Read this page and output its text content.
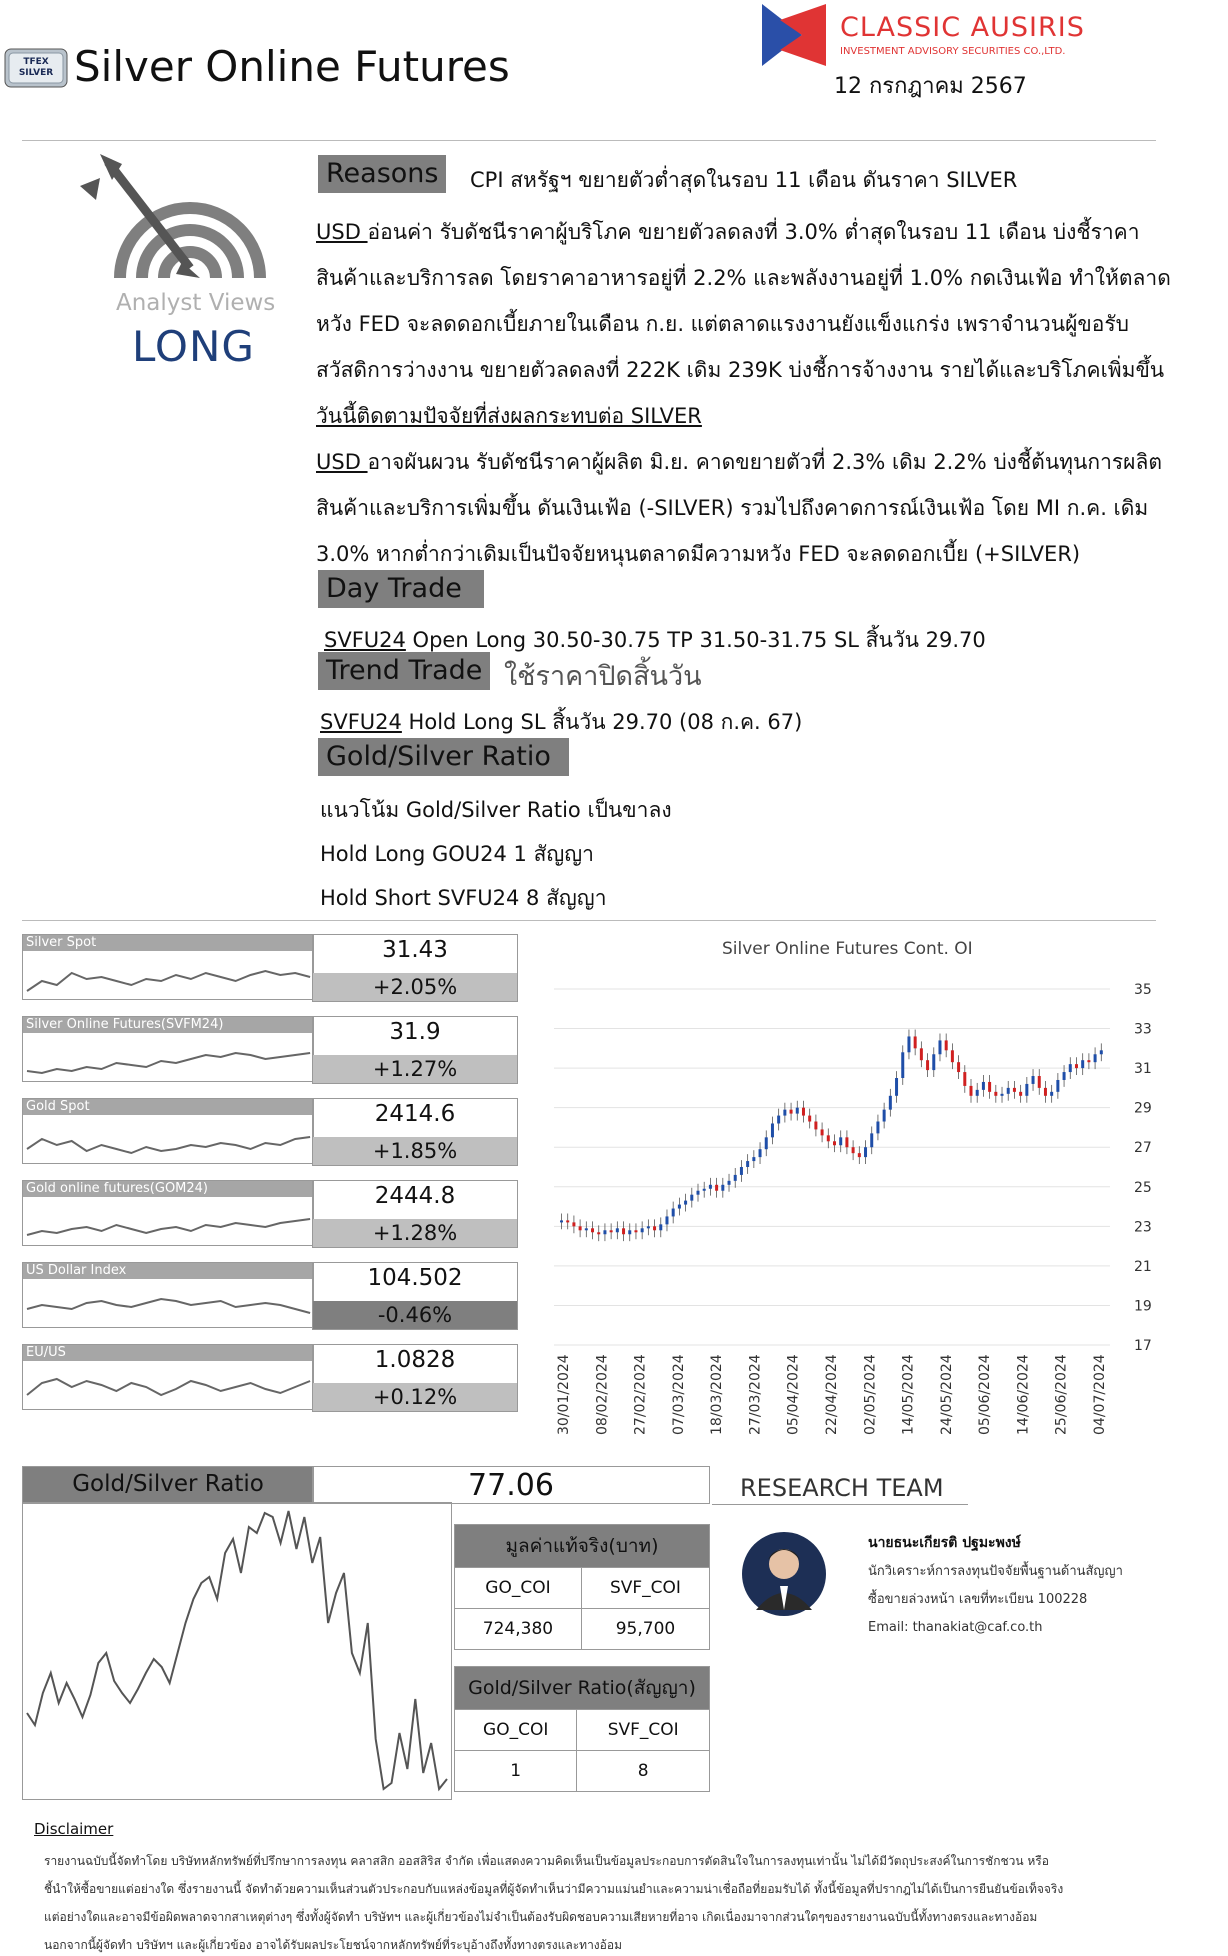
TFEX SILVER Silver Online Futures
CLASSIC AUSIRIS
INVESTMENT ADVISORY SECURITIES CO.,LTD.
12 กรกฎาคม 2567
Analyst Views
LONG
Reasons	CPI สหรัฐฯ ขยายตัวต่ำสุดในรอบ 11 เดือน ดันราคา SILVER
USD อ่อนค่า รับดัชนีราคาผู้บริโภค ขยายตัวลดลงที่ 3.0% ต่ำสุดในรอบ 11 เดือน บ่งชี้ราคา
สินค้าและบริการลด โดยราคาอาหารอยู่ที่ 2.2% และพลังงานอยู่ที่ 1.0% กดเงินเฟ้อ ทำให้ตลาด
หวัง FED จะลดดอกเบี้ยภายในเดือน ก.ย. แต่ตลาดแรงงานยังแข็งแกร่ง เพราจำนวนผู้ขอรับ
สวัสดิการว่างงาน ขยายตัวลดลงที่ 222K เดิม 239K บ่งชี้การจ้างงาน รายได้และบริโภคเพิ่มขึ้น
วันนี้ติดตามปัจจัยที่ส่งผลกระทบต่อ SILVER
USD อาจผันผวน รับดัชนีราคาผู้ผลิต มิ.ย. คาดขยายตัวที่ 2.3% เดิม 2.2% บ่งชี้ต้นทุนการผลิต
สินค้าและบริการเพิ่มขึ้น ดันเงินเฟ้อ (-SILVER) รวมไปถึงคาดการณ์เงินเฟ้อ โดย MI ก.ค. เดิม
3.0% หากต่ำกว่าเดิมเป็นปัจจัยหนุนตลาดมีความหวัง FED จะลดดอกเบี้ย (+SILVER)
Day Trade
SVFU24 Open Long 30.50-30.75 TP 31.50-31.75 SL สิ้นวัน 29.70
Trend Trade ใช้ราคาปิดสิ้นวัน
SVFU24 Hold Long SL สิ้นวัน 29.70 (08 ก.ค. 67)
Gold/Silver Ratio
แนวโน้ม Gold/Silver Ratio เป็นขาลง
Hold Long GOU24 1 สัญญา
Hold Short SVFU24 8 สัญญา
Silver Spot	31.43
+2.05%
Silver Online Futures(SVFM24)	31.9
+1.27%
Gold Spot	2414.6
+1.85%
Gold online futures(GOM24)	2444.8
+1.28%
US Dollar Index	104.502
-0.46%
EU/US	1.0828
+0.12%
Silver Online Futures Cont. OI
35
33
31
29
27
25
23
21
19
17
30/01/2024 08/02/2024 27/02/2024 07/03/2024 18/03/2024 27/03/2024 05/04/2024 22/04/2024 02/05/2024 14/05/2024 24/05/2024 05/06/2024 14/06/2024 25/06/2024 04/07/2024
Gold/Silver Ratio	77.06
มูลค่าแท้จริง(บาท)	
GO_COI	SVF_COI
724,380	95,700
Gold/Silver Ratio(สัญญา)	
GO_COI	SVF_COI
1	8
RESEARCH TEAM
นายธนะเกียรติ ปฐมะพงษ์
นักวิเคราะห์การลงทุนปัจจัยพื้นฐานด้านสัญญา
ซื้อขายล่วงหน้า เลขที่ทะเบียน 100228
Email: thanakiat@caf.co.th
Disclaimer
รายงานฉบับนี้จัดทำโดย บริษัทหลักทรัพย์ที่ปรึกษาการลงทุน คลาสสิก ออสสิริส จำกัด เพื่อแสดงความคิดเห็นเป็นข้อมูลประกอบการตัดสินใจในการลงทุนเท่านั้น ไม่ได้มีวัตถุประสงค์ในการชักชวน หรือ
ชี้นำให้ซื้อขายแต่อย่างใด ซึ่งรายงานนี้ จัดทำด้วยความเห็นส่วนตัวประกอบกับแหล่งข้อมูลที่ผู้จัดทำเห็นว่ามีความแม่นยำและความน่าเชื่อถือที่ยอมรับได้ ทั้งนี้ข้อมูลที่ปรากฎไม่ได้เป็นการยืนยันข้อเท็จจริง
แต่อย่างใดและอาจมีข้อผิดพลาดจากสาเหตุต่างๆ ซึ่งทั้งผู้จัดทำ บริษัทฯ และผู้เกี่ยวข้องไม่จำเป็นต้องรับผิดชอบความเสียหายที่อาจ เกิดเนื่องมาจากส่วนใดๆของรายงานฉบับนี้ทั้งทางตรงและทางอ้อม
นอกจากนี้ผู้จัดทำ บริษัทฯ และผู้เกี่ยวข้อง อาจได้รับผลประโยชน์จากหลักทรัพย์ที่ระบุอ้างถึงทั้งทางตรงและทางอ้อม
